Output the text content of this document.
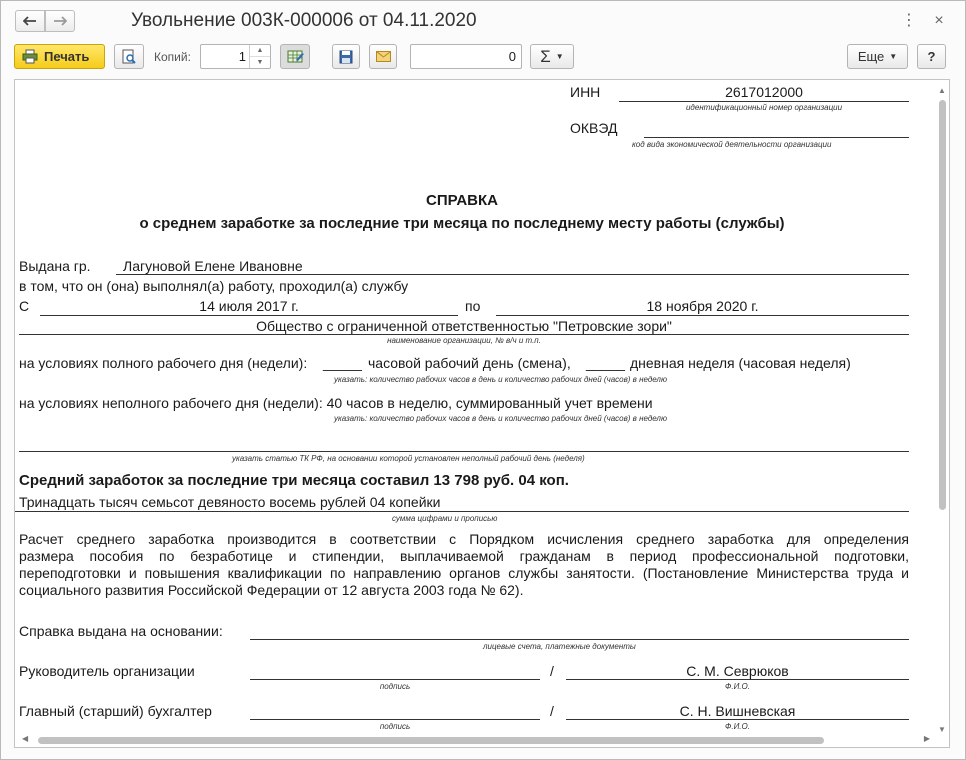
Увольнение 003К-000006 от 04.11.2020	⋮ ×
Печать	Копий:	1	▲
▼	0 Σ ▼	Еще ▼	?
ИНН	2617012000
идентификационный номер организации
ОКВЭД
код вида экономической деятельности организации
СПРАВКА
о среднем заработке за последние три месяца по последнему месту работы (службы)
Выдана гр. Лагуновой Елене Ивановне
в том, что он (она) выполнял(а) работу, проходил(а) службу
С	14 июля 2017 г.	по	18 ноября 2020 г.
Общество с ограниченной ответственностью "Петровские зори"
наименование организации, № в/ч и т.п.
на условиях полного рабочего дня (недели): _____ часовой рабочий день (смена), _____ дневная неделя (часовая неделя)
указать: количество рабочих часов в день и количество рабочих дней (часов) в неделю
на условиях неполного рабочего дня (недели): 40 часов в неделю, суммированный учет времени
указать: количество рабочих часов в день и количество рабочих дней (часов) в неделю
указать статью ТК РФ, на основании которой установлен неполный рабочий день (неделя)
Средний заработок за последние три месяца составил 13 798 руб. 04 коп.
Тринадцать тысяч семьсот девяносто восемь рублей 04 копейки
сумма цифрами и прописью
Расчет среднего заработка производится в соответствии с Порядком исчисления среднего заработка для определения
размера пособия по безработице и стипендии, выплачиваемой гражданам в период профессиональной подготовки,
переподготовки и повышения квалификации по направлению органов службы занятости. (Постановление Министерства труда и
социального развития Российской Федерации от 12 августа 2003 года № 62).
Справка выдана на основании:
лицевые счета, платежные документы
Руководитель организации
подпись
/	С. М. Севрюков
Ф.И.О.
Главный (старший) бухгалтер
подпись
/	С. Н. Вишневская
Ф.И.О.
▲
▼
◀	▶
